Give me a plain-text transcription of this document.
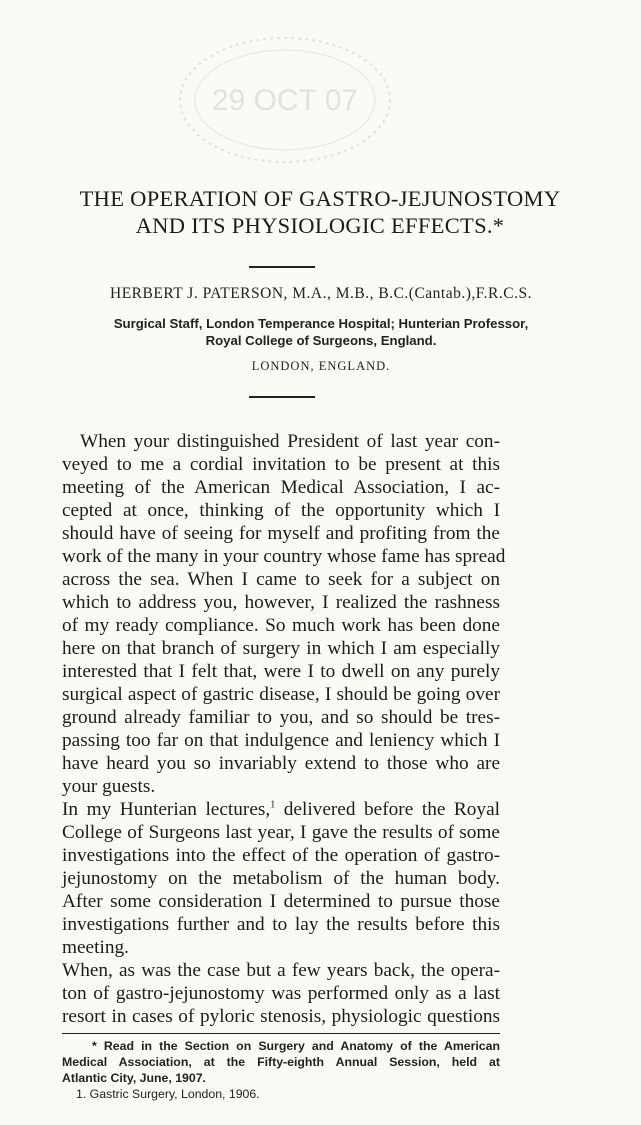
29 OCT 07
THE OPERATION OF GASTRO-JEJUNOSTOMY
AND ITS PHYSIOLOGIC EFFECTS.*
HERBERT J. PATERSON, M.A., M.B., B.C.(Cantab.),F.R.C.S.
Surgical Staff, London Temperance Hospital; Hunterian Professor,
Royal College of Surgeons, England.
LONDON, ENGLAND.
When your distinguished President of last year con-
veyed to me a cordial invitation to be present at this
meeting of the American Medical Association, I ac-
cepted at once, thinking of the opportunity which I
should have of seeing for myself and profiting from the
work of the many in your country whose fame has spread
across the sea. When I came to seek for a subject on
which to address you, however, I realized the rashness
of my ready compliance. So much work has been done
here on that branch of surgery in which I am especially
interested that I felt that, were I to dwell on any purely
surgical aspect of gastric disease, I should be going over
ground already familiar to you, and so should be tres-
passing too far on that indulgence and leniency which I
have heard you so invariably extend to those who are
your guests.
In my Hunterian lectures,$^1$ delivered before the Royal
College of Surgeons last year, I gave the results of some
investigations into the effect of the operation of gastro-
jejunostomy on the metabolism of the human body.
After some consideration I determined to pursue those
investigations further and to lay the results before this
meeting.
When, as was the case but a few years back, the opera-
ton of gastro-jejunostomy was performed only as a last
resort in cases of pyloric stenosis, physiologic questions
* Read in the Section on Surgery and Anatomy of the American
Medical Association, at the Fifty-eighth Annual Session, held at
Atlantic City, June, 1907.
1. Gastric Surgery, London, 1906.
